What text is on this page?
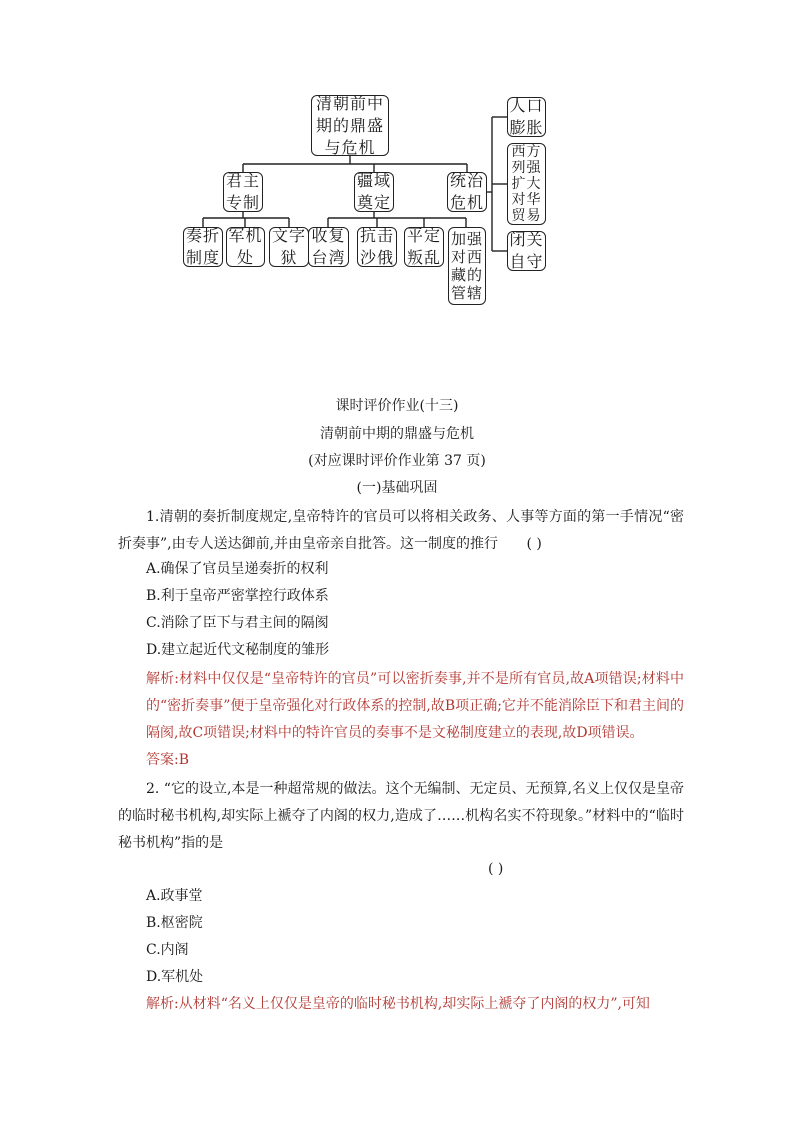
清朝前中
期的鼎盛
与危机
君主
专制
疆域
奠定
统治
危机
奏折
制度
军机
处
文字
狱
收复
台湾
抗击
沙俄
平定
叛乱
加强
对西
藏的
管辖
人口
膨胀
西方
列强
扩大
对华
贸易
闭关
自守
课时评价作业(十三)
清朝前中期的鼎盛与危机
(对应课时评价作业第 37 页)
(一)基础巩固
1.清朝的奏折制度规定,皇帝特许的官员可以将相关政务、人事等方面的第一手情况“密折奏事”,由专人送达御前,并由皇帝亲自批答。这一制度的推行 ( )
A.确保了官员呈递奏折的权利
B.利于皇帝严密掌控行政体系
C.消除了臣下与君主间的隔阂
D.建立起近代文秘制度的雏形
解析:材料中仅仅是“皇帝特许的官员”可以密折奏事,并不是所有官员,故A项错误;材料中的“密折奏事”便于皇帝强化对行政体系的控制,故B项正确;它并不能消除臣下和君主间的隔阂,故C项错误;材料中的特许官员的奏事不是文秘制度建立的表现,故D项错误。
答案:B
2. “它的设立,本是一种超常规的做法。这个无编制、无定员、无预算,名义上仅仅是皇帝的临时秘书机构,却实际上褫夺了内阁的权力,造成了……机构名实不符现象。”材料中的“临时秘书机构”指的是
( )
A.政事堂
B.枢密院
C.内阁
D.军机处
解析:从材料“名义上仅仅是皇帝的临时秘书机构,却实际上褫夺了内阁的权力”,可知
